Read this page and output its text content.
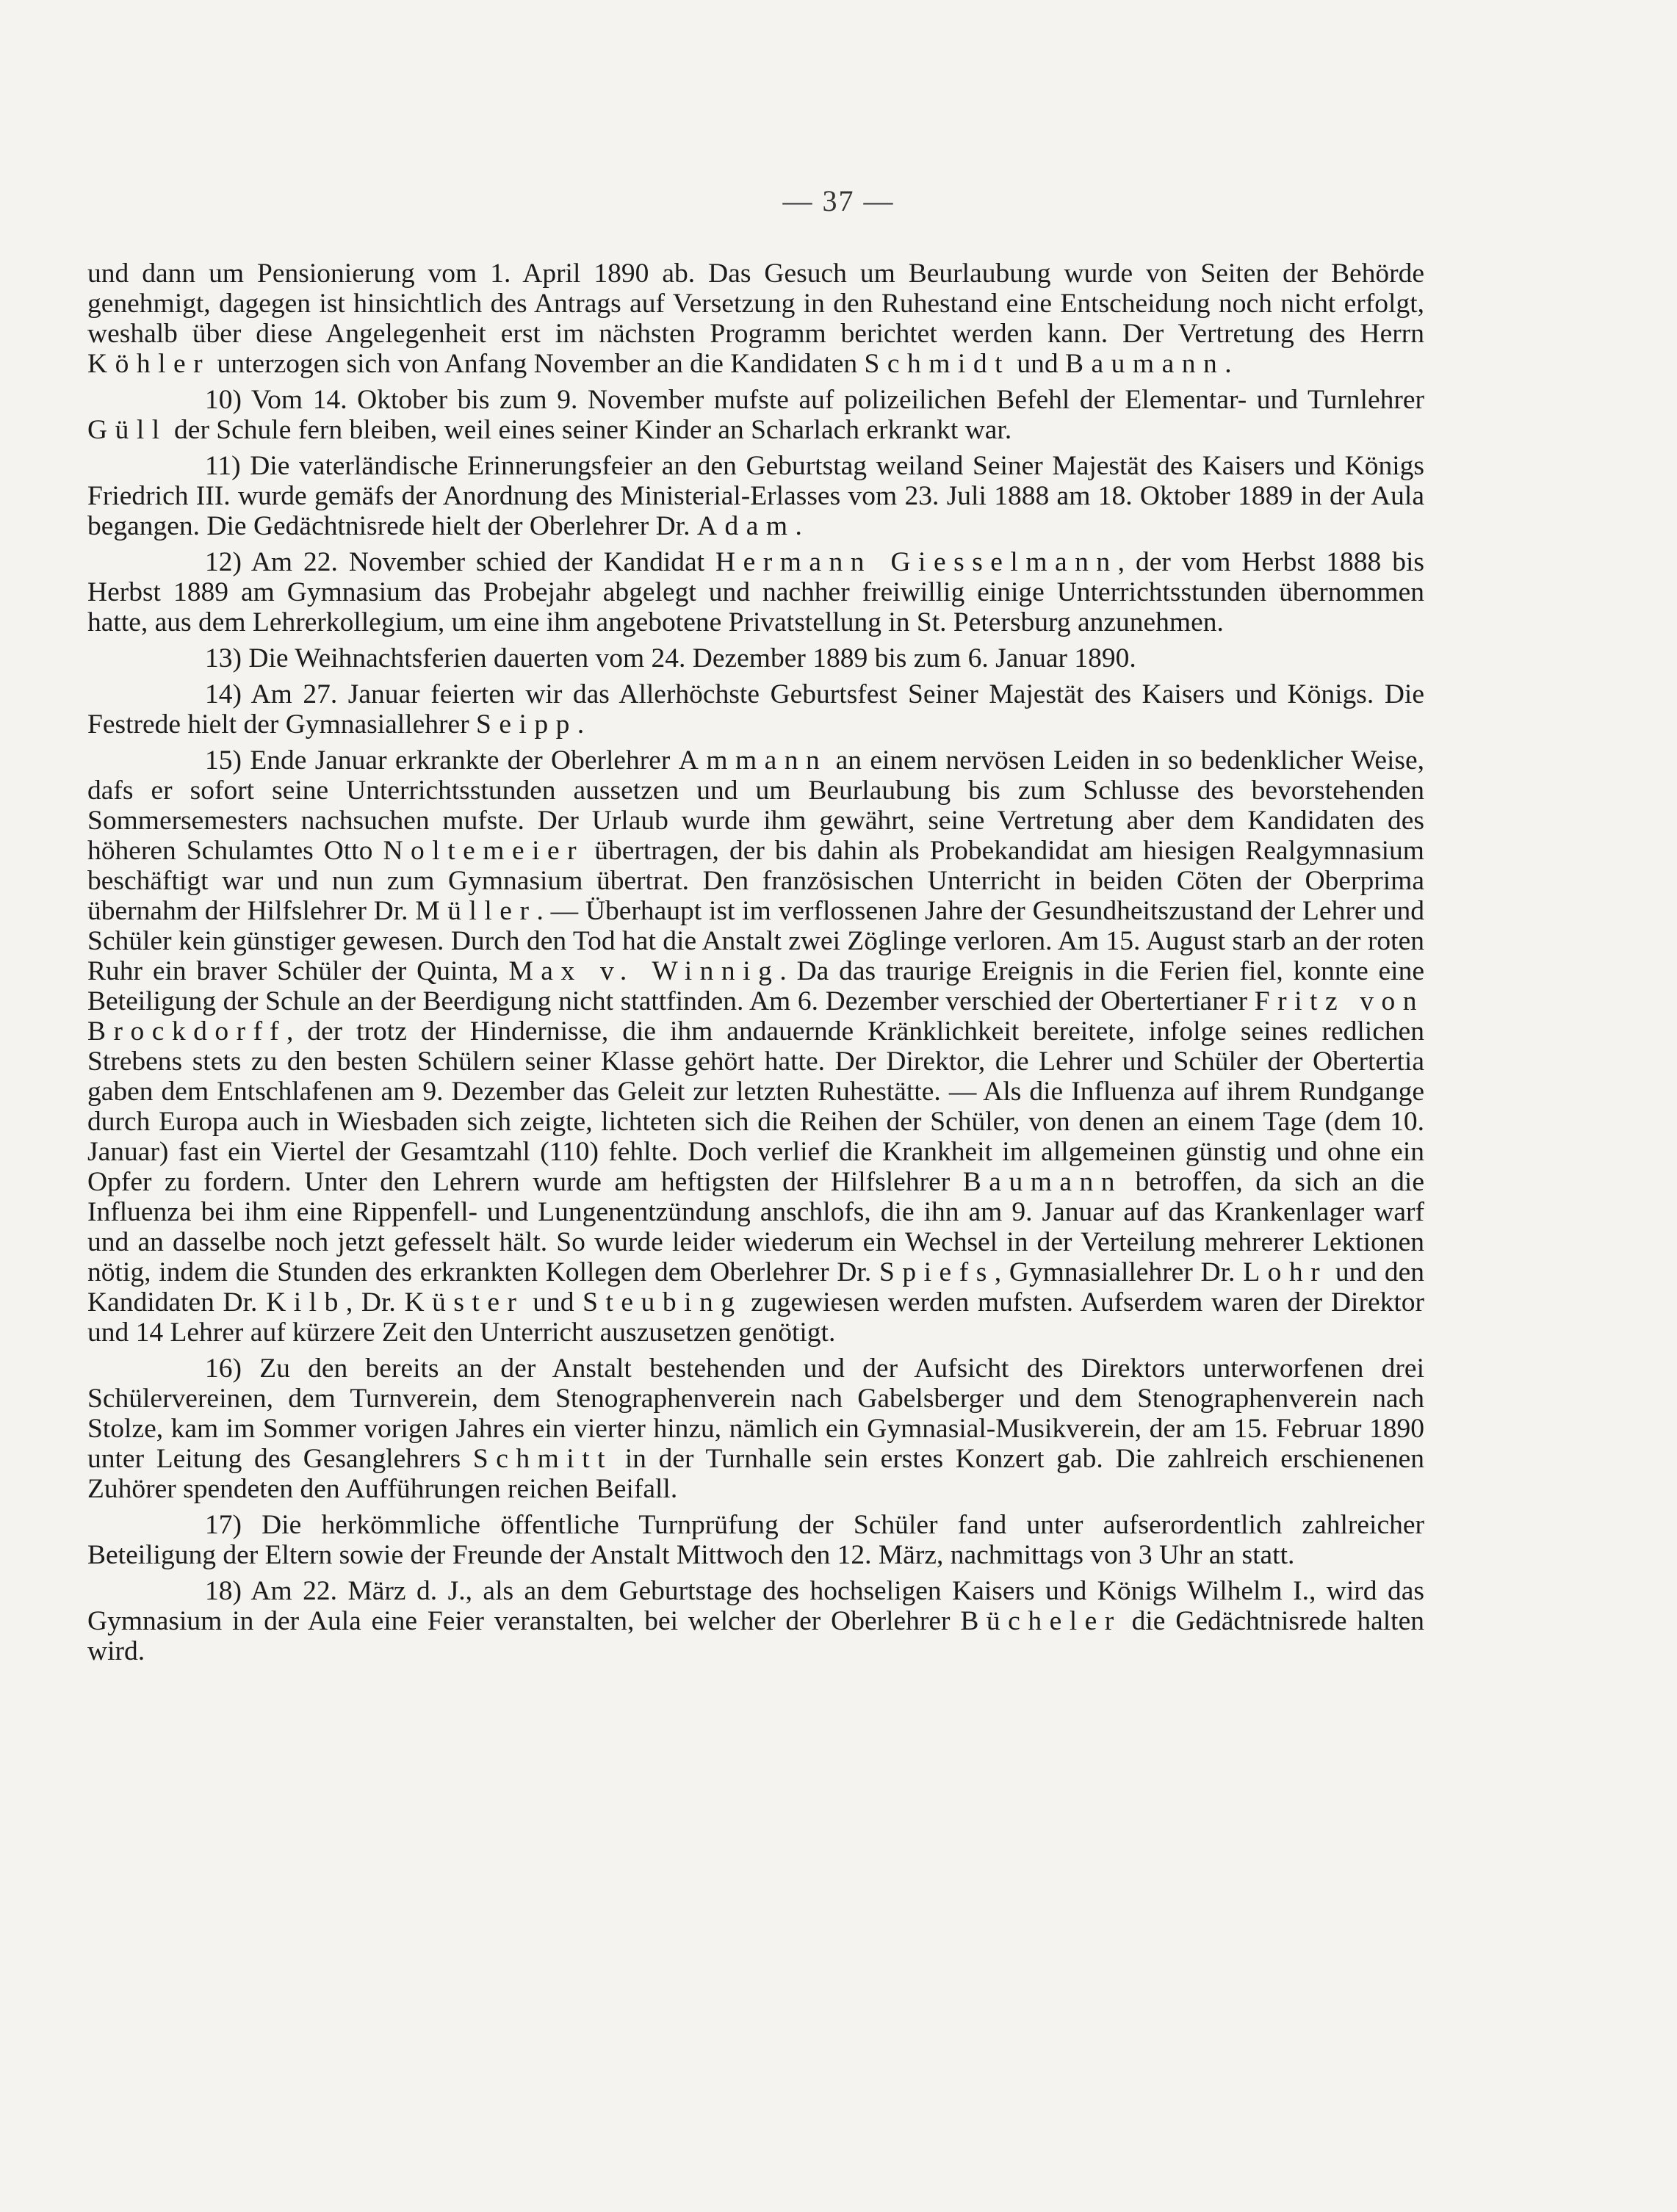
— 37 —

und dann um Pensionierung vom 1. April 1890 ab. Das Gesuch um Beurlaubung wurde von Seiten der Behörde genehmigt, dagegen ist hinsichtlich des Antrags auf Versetzung in den Ruhestand eine Entscheidung noch nicht erfolgt, weshalb über diese Angelegenheit erst im nächsten Programm berichtet werden kann. Der Vertretung des Herrn Köhler unterzogen sich von Anfang November an die Kandidaten Schmidt und Baumann.

10) Vom 14. Oktober bis zum 9. November mufste auf polizeilichen Befehl der Elementar- und Turnlehrer Güll der Schule fern bleiben, weil eines seiner Kinder an Scharlach erkrankt war.

11) Die vaterländische Erinnerungsfeier an den Geburtstag weiland Seiner Majestät des Kaisers und Königs Friedrich III. wurde gemäfs der Anordnung des Ministerial-Erlasses vom 23. Juli 1888 am 18. Oktober 1889 in der Aula begangen. Die Gedächtnisrede hielt der Oberlehrer Dr. Adam.

12) Am 22. November schied der Kandidat Hermann Giesselmann, der vom Herbst 1888 bis Herbst 1889 am Gymnasium das Probejahr abgelegt und nachher freiwillig einige Unterrichtsstunden übernommen hatte, aus dem Lehrerkollegium, um eine ihm angebotene Privatstellung in St. Petersburg anzunehmen.

13) Die Weihnachtsferien dauerten vom 24. Dezember 1889 bis zum 6. Januar 1890.

14) Am 27. Januar feierten wir das Allerhöchste Geburtsfest Seiner Majestät des Kaisers und Königs. Die Festrede hielt der Gymnasiallehrer Seipp.

15) Ende Januar erkrankte der Oberlehrer Ammann an einem nervösen Leiden in so bedenklicher Weise, dafs er sofort seine Unterrichtsstunden aussetzen und um Beurlaubung bis zum Schlusse des bevorstehenden Sommersemesters nachsuchen mufste. Der Urlaub wurde ihm gewährt, seine Vertretung aber dem Kandidaten des höheren Schulamtes Otto Noltemeier übertragen, der bis dahin als Probekandidat am hiesigen Realgymnasium beschäftigt war und nun zum Gymnasium übertrat. Den französischen Unterricht in beiden Cöten der Oberprima übernahm der Hilfslehrer Dr. Müller. — Überhaupt ist im verflossenen Jahre der Gesundheitszustand der Lehrer und Schüler kein günstiger gewesen. Durch den Tod hat die Anstalt zwei Zöglinge verloren. Am 15. August starb an der roten Ruhr ein braver Schüler der Quinta, Max v. Winnig. Da das traurige Ereignis in die Ferien fiel, konnte eine Beteiligung der Schule an der Beerdigung nicht stattfinden. Am 6. Dezember verschied der Obertertianer Fritz von Brockdorff, der trotz der Hindernisse, die ihm andauernde Kränklichkeit bereitete, infolge seines redlichen Strebens stets zu den besten Schülern seiner Klasse gehört hatte. Der Direktor, die Lehrer und Schüler der Obertertia gaben dem Entschlafenen am 9. Dezember das Geleit zur letzten Ruhestätte. — Als die Influenza auf ihrem Rundgange durch Europa auch in Wiesbaden sich zeigte, lichteten sich die Reihen der Schüler, von denen an einem Tage (dem 10. Januar) fast ein Viertel der Gesamtzahl (110) fehlte. Doch verlief die Krankheit im allgemeinen günstig und ohne ein Opfer zu fordern. Unter den Lehrern wurde am heftigsten der Hilfslehrer Baumann betroffen, da sich an die Influenza bei ihm eine Rippenfell- und Lungenentzündung anschlofs, die ihn am 9. Januar auf das Krankenlager warf und an dasselbe noch jetzt gefesselt hält. So wurde leider wiederum ein Wechsel in der Verteilung mehrerer Lektionen nötig, indem die Stunden des erkrankten Kollegen dem Oberlehrer Dr. Spiefs, Gymnasiallehrer Dr. Lohr und den Kandidaten Dr. Kilb, Dr. Küster und Steubing zugewiesen werden mufsten. Aufserdem waren der Direktor und 14 Lehrer auf kürzere Zeit den Unterricht auszusetzen genötigt.

16) Zu den bereits an der Anstalt bestehenden und der Aufsicht des Direktors unterworfenen drei Schülervereinen, dem Turnverein, dem Stenographenverein nach Gabelsberger und dem Stenographenverein nach Stolze, kam im Sommer vorigen Jahres ein vierter hinzu, nämlich ein Gymnasial-Musikverein, der am 15. Februar 1890 unter Leitung des Gesanglehrers Schmitt in der Turnhalle sein erstes Konzert gab. Die zahlreich erschienenen Zuhörer spendeten den Aufführungen reichen Beifall.

17) Die herkömmliche öffentliche Turnprüfung der Schüler fand unter aufserordentlich zahlreicher Beteiligung der Eltern sowie der Freunde der Anstalt Mittwoch den 12. März, nachmittags von 3 Uhr an statt.

18) Am 22. März d. J., als an dem Geburtstage des hochseligen Kaisers und Königs Wilhelm I., wird das Gymnasium in der Aula eine Feier veranstalten, bei welcher der Oberlehrer Bücheler die Gedächtnisrede halten wird.
